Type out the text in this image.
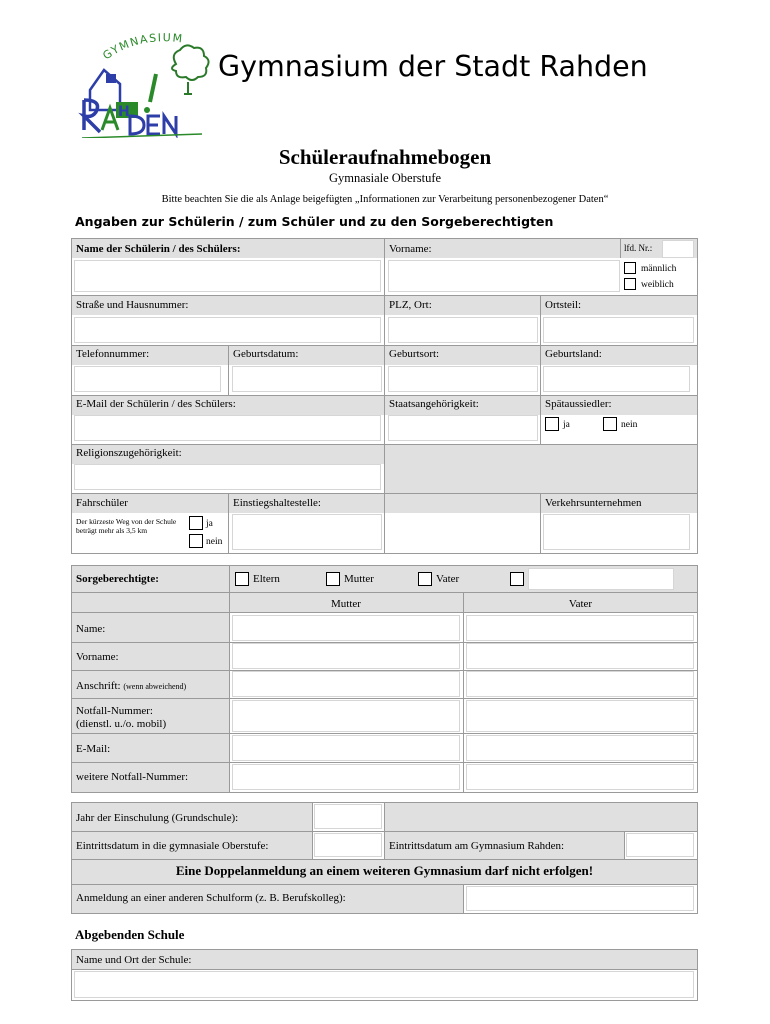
GYMNASIUM
H
Gymnasium der Stadt Rahden
Schüleraufnahmebogen
Gymnasiale Oberstufe
Bitte beachten Sie die als Anlage beigefügten „Informationen zur Verarbeitung personenbezogener Daten“
Angaben zur Schülerin / zum Schüler und zu den Sorgeberechtigten
Name der Schülerin / des Schülers:	Vorname:	lfd. Nr.:
männlich
weiblich
Straße und Hausnummer:	PLZ, Ort:	Ortsteil:
Telefonnummer:	Geburtsdatum:	Geburtsort:	Geburtsland:
E-Mail der Schülerin / des Schülers:	Staatsangehörigkeit:	Spätaussiedler:
ja	nein
Religionszugehörigkeit:
Fahrschüler	Einstiegshaltestelle:	Verkehrsunternehmen
Der kürzeste Weg von der Schule beträgt mehr als 3,5 km
ja
nein
Sorgeberechtigte:	Eltern	Mutter	Vater
Mutter	Vater
Name:
Vorname:
Anschrift: (wenn abweichend)
Notfall-Nummer:
(dienstl. u./o. mobil)
E-Mail:
weitere Notfall-Nummer:
Jahr der Einschulung (Grundschule):
Eintrittsdatum in die gymnasiale Oberstufe:	Eintrittsdatum am Gymnasium Rahden:
Eine Doppelanmeldung an einem weiteren Gymnasium darf nicht erfolgen!
Anmeldung an einer anderen Schulform (z. B. Berufskolleg):
Abgebenden Schule
Name und Ort der Schule:
